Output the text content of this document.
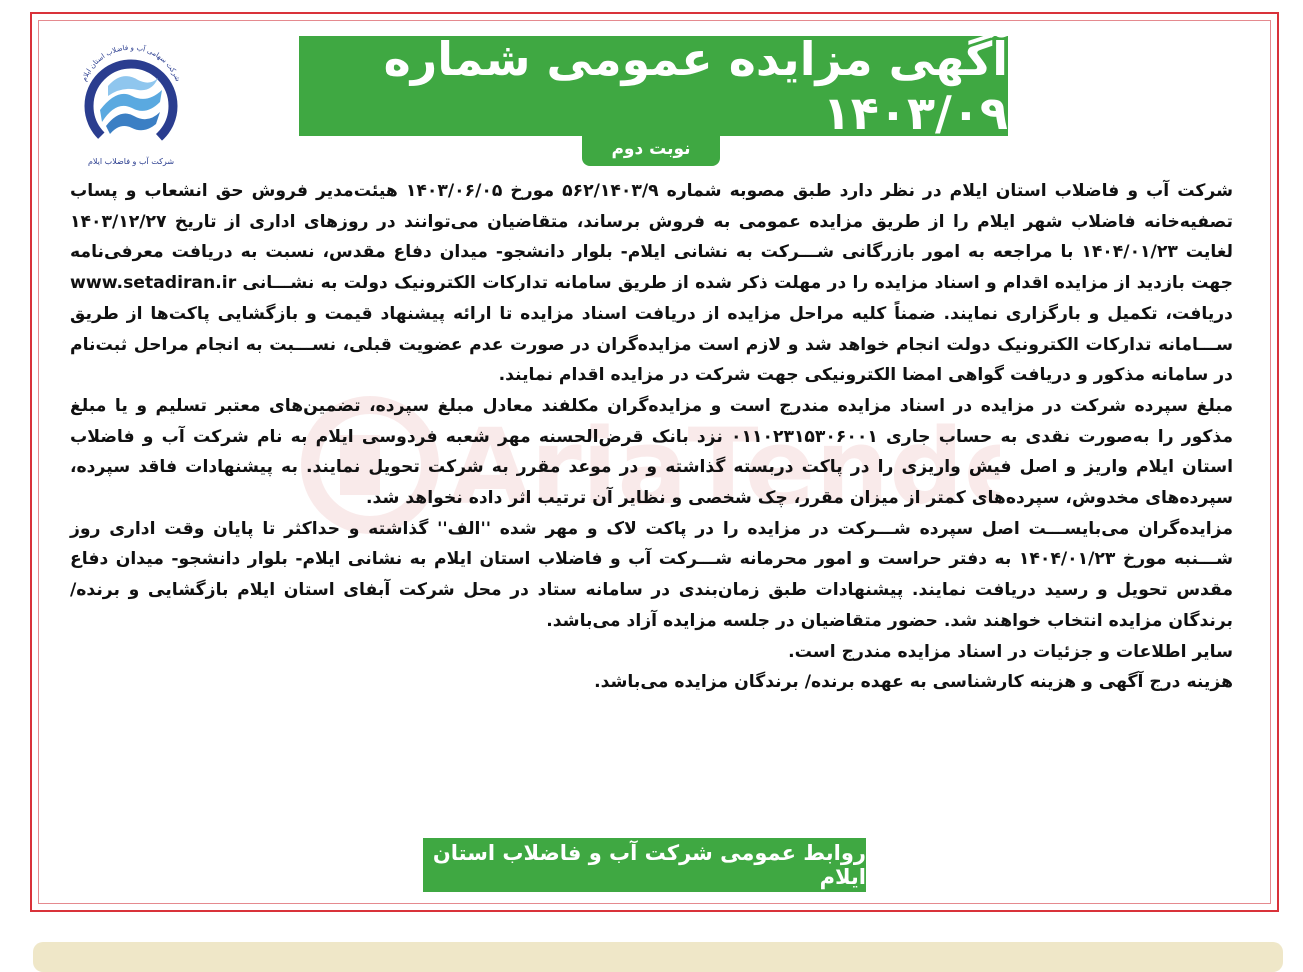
شرکت سهامی آب و فاضلاب استان ایلام
شرکت آب و فاضلاب ایلام
آگهی مزایده عمومی شماره ۱۴۰۳/۰۹
نوبت دوم
AriaTende

شرکت آب و فاضلاب استان ایلام در نظر دارد طبق مصوبه شماره ۵۶۲/۱۴۰۳/۹ مورخ ۱۴۰۳/۰۶/۰۵ هیئت‌مدیر فروش حق انشعاب و پساب تصفیه‌خانه فاضلاب شهر ایلام را از طریق مزایده عمومی به فروش برساند، متقاضیان می‌توانند در روزهای اداری از تاریخ ۱۴۰۳/۱۲/۲۷ لغایت ۱۴۰۴/۰۱/۲۳ با مراجعه به امور بازرگانی شـــرکت به نشانی ایلام- بلوار دانشجو- میدان دفاع مقدس، نسبت به دریافت معرفی‌نامه جهت بازدید از مزایده اقدام و اسناد مزایده را در مهلت ذکر شده از طریق سامانه تدارکات الکترونیک دولت به نشـــانی www.setadiran.ir دریافت، تکمیل و بارگزاری نمایند. ضمناً کلیه مراحل مزایده از دریافت اسناد مزایده تا ارائه پیشنهاد قیمت و بازگشایی پاکت‌ها از طریق ســـامانه تدارکات الکترونیک دولت انجام خواهد شد و لازم است مزایده‌گران در صورت عدم عضویت قبلی، نســـبت به انجام مراحل ثبت‌نام در سامانه مذکور و دریافت گواهی امضا الکترونیکی جهت شرکت در مزایده اقدام نمایند.

مبلغ سپرده شرکت در مزایده در اسناد مزایده مندرج است و مزایده‌گران مکلفند معادل مبلغ سپرده، تضمین‌های معتبر تسلیم و یا مبلغ مذکور را به‌صورت نقدی به حساب جاری ۰۱۱۰۲۳۱۵۳۰۶۰۰۱ نزد بانک قرض‌الحسنه مهر شعبه فردوسی ایلام به نام شرکت آب و فاضلاب استان ایلام واریز و اصل فیش واریزی را در پاکت دربسته گذاشته و در موعد مقرر به شرکت تحویل نمایند. به پیشنهادات فاقد سپرده، سپرده‌های مخدوش، سپرده‌های کمتر از میزان مقرر، چک شخصی و نظایر آن ترتیب اثر داده نخواهد شد.

مزایده‌گران می‌بایســـت اصل سپرده شـــرکت در مزایده را در پاکت لاک و مهر شده ''الف'' گذاشته و حداکثر تا پایان وقت اداری روز شـــنبه مورخ ۱۴۰۴/۰۱/۲۳ به دفتر حراست و امور محرمانه شـــرکت آب و فاضلاب استان ایلام به نشانی ایلام- بلوار دانشجو- میدان دفاع مقدس تحویل و رسید دریافت نمایند. پیشنهادات طبق زمان‌بندی در سامانه ستاد در محل شرکت آبفای استان ایلام بازگشایی و برنده/ برندگان مزایده انتخاب خواهند شد. حضور متقاضیان در جلسه مزایده آزاد می‌باشد.

سایر اطلاعات و جزئیات در اسناد مزایده مندرج است.

هزینه درج آگهی و هزینه کارشناسی به عهده برنده/ برندگان مزایده می‌باشد.

روابط عمومی شرکت آب و فاضلاب استان ایلام
